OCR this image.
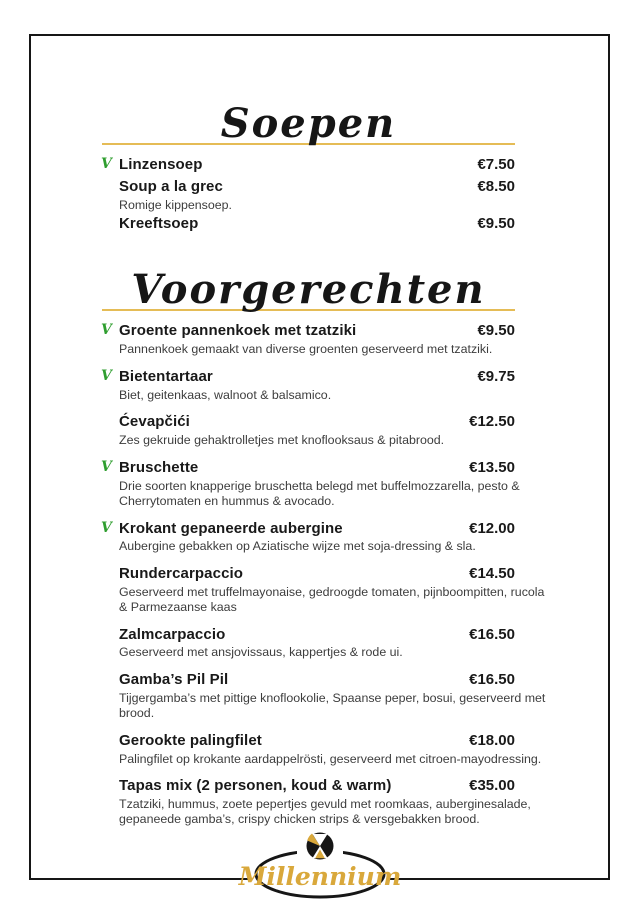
Soepen
V Linzensoep	€7.50
Soup a la grec	€8.50
Romige kippensoep.
Kreeftsoep	€9.50
Voorgerechten
V Groente pannenkoek met tzatziki	€9.50
Pannenkoek gemaakt van diverse groenten geserveerd met tzatziki.
V Bietentartaar	€9.75
Biet, geitenkaas, walnoot & balsamico.
Ćevapčići	€12.50
Zes gekruide gehaktrolletjes met knoflooksaus & pitabrood.
V Bruschette	€13.50
Drie soorten knapperige bruschetta belegd met buffelmozzarella, pesto & Cherrytomaten en hummus & avocado.
V Krokant gepaneerde aubergine	€12.00
Aubergine gebakken op Aziatische wijze met soja-dressing & sla.
Rundercarpaccio	€14.50
Geserveerd met truffelmayonaise, gedroogde tomaten, pijnboompitten, rucola & Parmezaanse kaas
Zalmcarpaccio	€16.50
Geserveerd met ansjovissaus, kappertjes & rode ui.
Gamba’s Pil Pil	€16.50
Tijgergamba’s met pittige knoflookolie, Spaanse peper, bosui, geserveerd met brood.
Gerookte palingfilet	€18.00
Palingfilet op krokante aardappelrösti, geserveerd met citroen-mayodressing.
Tapas mix (2 personen, koud & warm)	€35.00
Tzatziki, hummus, zoete pepertjes gevuld met roomkaas, auberginesalade, gepaneede gamba’s, crispy chicken strips & versgebakken brood.
Millennium
